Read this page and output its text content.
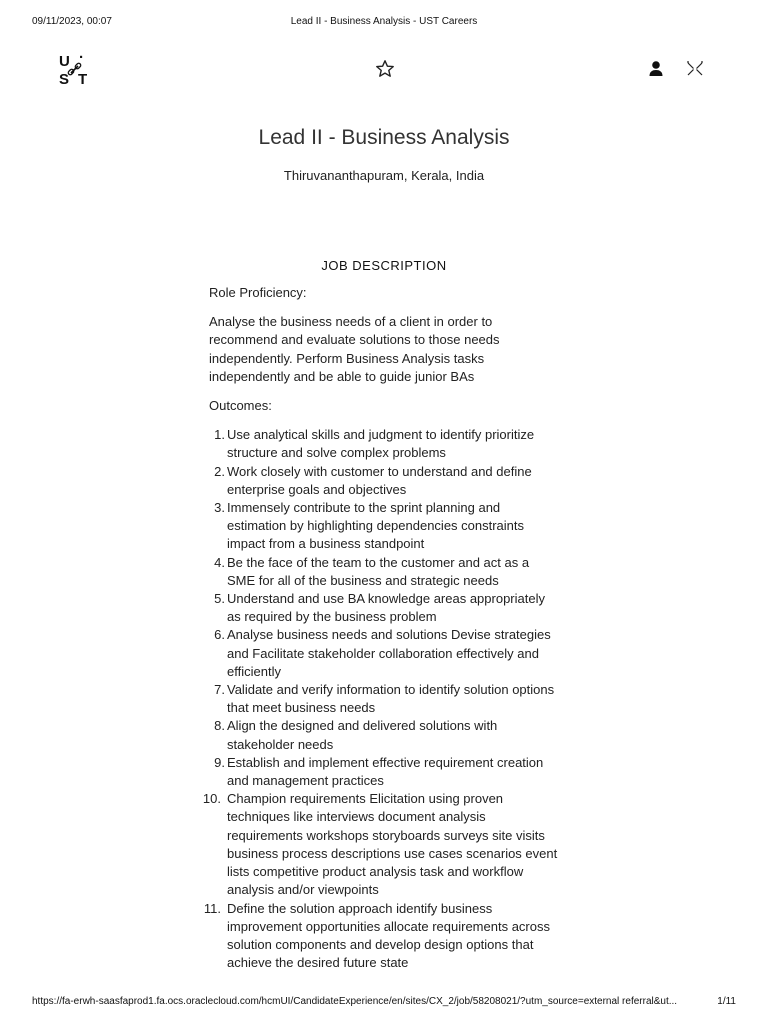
09/11/2023, 00:07	Lead II - Business Analysis - UST Careers
U ·
S T
Lead II - Business Analysis
Thiruvananthapuram, Kerala, India
JOB DESCRIPTION

Role Proficiency:

Analyse the business needs of a client in order to recommend and evaluate solutions to those needs independently. Perform Business Analysis tasks independently and be able to guide junior BAs

Outcomes:

1. Use analytical skills and judgment to identify prioritize structure and solve complex problems
2. Work closely with customer to understand and define enterprise goals and objectives
3. Immensely contribute to the sprint planning and estimation by highlighting dependencies constraints impact from a business standpoint
4. Be the face of the team to the customer and act as a SME for all of the business and strategic needs
5. Understand and use BA knowledge areas appropriately as required by the business problem
6. Analyse business needs and solutions Devise strategies and Facilitate stakeholder collaboration effectively and efficiently
7. Validate and verify information to identify solution options that meet business needs
8. Align the designed and delivered solutions with stakeholder needs
9. Establish and implement effective requirement creation and management practices
10. Champion requirements Elicitation using proven techniques like interviews document analysis requirements workshops storyboards surveys site visits business process descriptions use cases scenarios event lists competitive product analysis task and workflow analysis and/or viewpoints
11. Define the solution approach identify business improvement opportunities allocate requirements across solution components and develop design options that achieve the desired future state
https://fa-erwh-saasfaprod1.fa.ocs.oraclecloud.com/hcmUI/CandidateExperience/en/sites/CX_2/job/58208021/?utm_source=external referral&ut...	1/11
